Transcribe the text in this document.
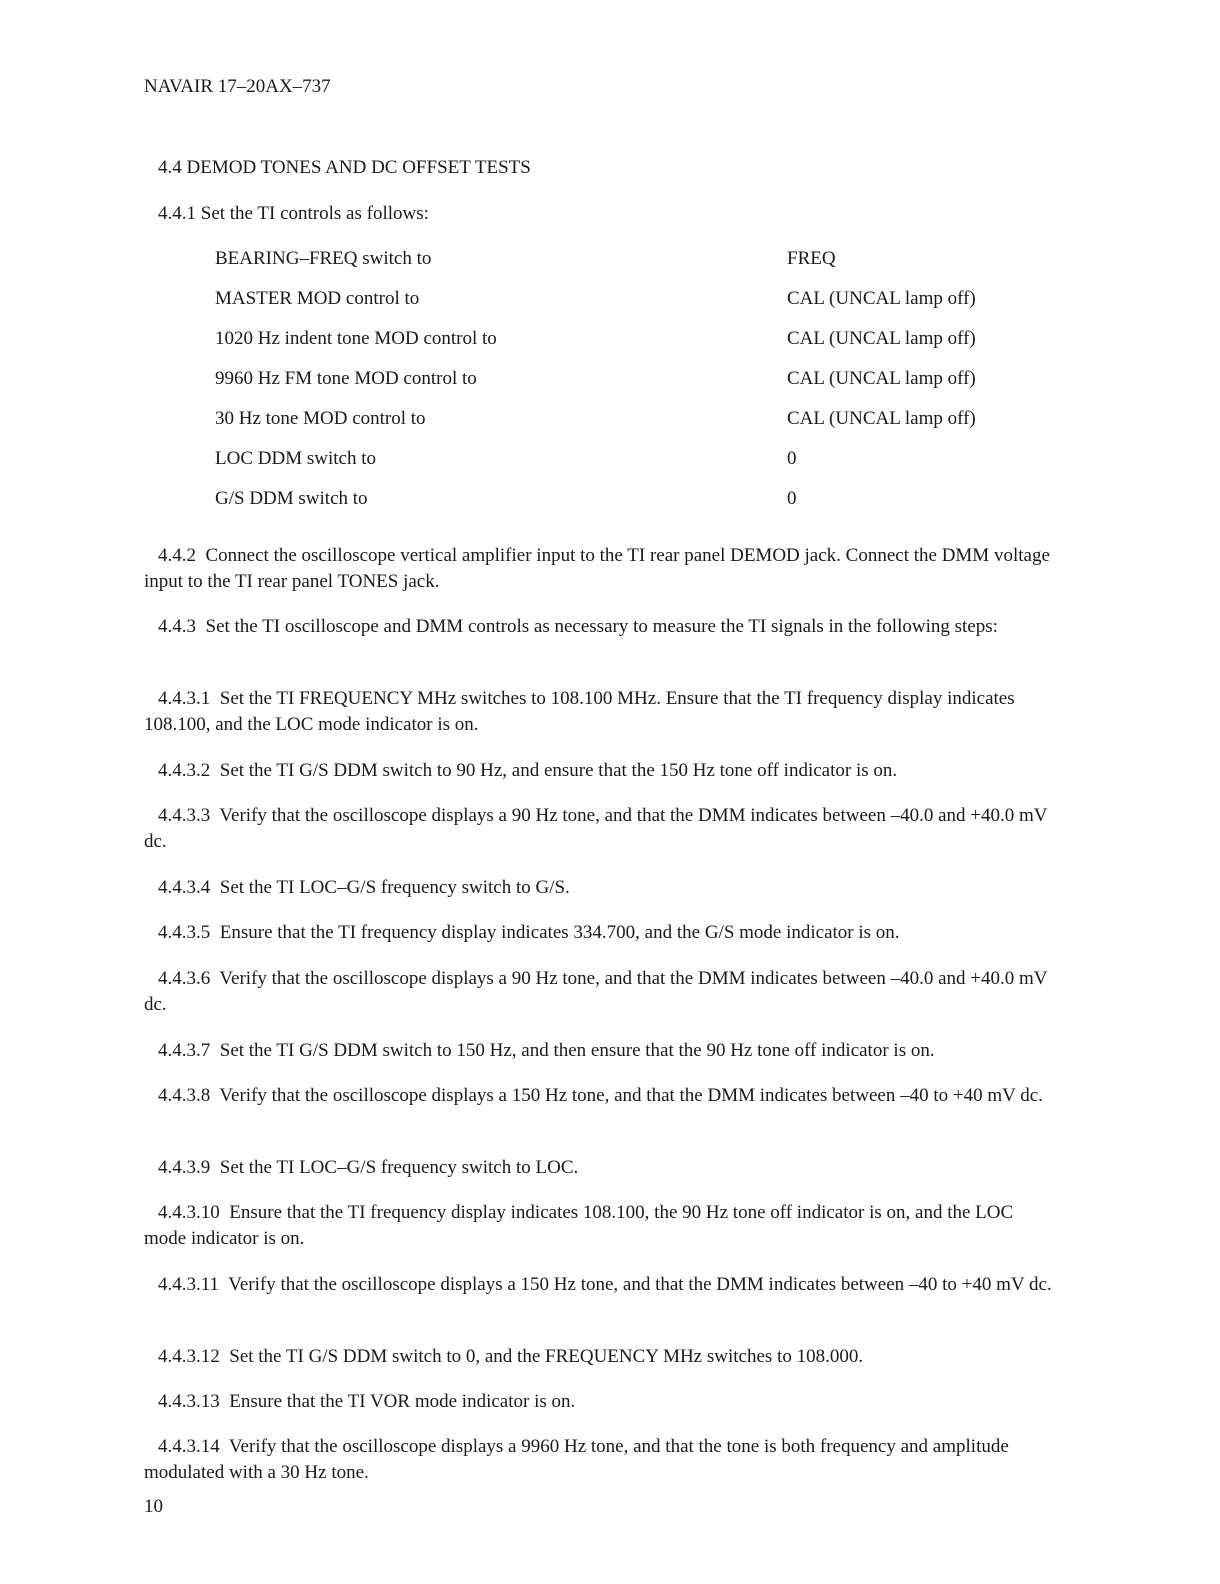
NAVAIR 17–20AX–737
4.4 DEMOD TONES AND DC OFFSET TESTS
4.4.1 Set the TI controls as follows:
BEARING–FREQ switch to	FREQ
MASTER MOD control to	CAL (UNCAL lamp off)
1020 Hz indent tone MOD control to	CAL (UNCAL lamp off)
9960 Hz FM tone MOD control to	CAL (UNCAL lamp off)
30 Hz tone MOD control to	CAL (UNCAL lamp off)
LOC DDM switch to	0
G/S DDM switch to	0
4.4.2 Connect the oscilloscope vertical amplifier input to the TI rear panel DEMOD jack. Connect the DMM voltage input to the TI rear panel TONES jack.
4.4.3 Set the TI oscilloscope and DMM controls as necessary to measure the TI signals in the following steps:
4.4.3.1 Set the TI FREQUENCY MHz switches to 108.100 MHz. Ensure that the TI frequency display indicates 108.100, and the LOC mode indicator is on.
4.4.3.2 Set the TI G/S DDM switch to 90 Hz, and ensure that the 150 Hz tone off indicator is on.
4.4.3.3 Verify that the oscilloscope displays a 90 Hz tone, and that the DMM indicates between –40.0 and +40.0 mV dc.
4.4.3.4 Set the TI LOC–G/S frequency switch to G/S.
4.4.3.5 Ensure that the TI frequency display indicates 334.700, and the G/S mode indicator is on.
4.4.3.6 Verify that the oscilloscope displays a 90 Hz tone, and that the DMM indicates between –40.0 and +40.0 mV dc.
4.4.3.7 Set the TI G/S DDM switch to 150 Hz, and then ensure that the 90 Hz tone off indicator is on.
4.4.3.8 Verify that the oscilloscope displays a 150 Hz tone, and that the DMM indicates between –40 to +40 mV dc.
4.4.3.9 Set the TI LOC–G/S frequency switch to LOC.
4.4.3.10 Ensure that the TI frequency display indicates 108.100, the 90 Hz tone off indicator is on, and the LOC mode indicator is on.
4.4.3.11 Verify that the oscilloscope displays a 150 Hz tone, and that the DMM indicates between –40 to +40 mV dc.
4.4.3.12 Set the TI G/S DDM switch to 0, and the FREQUENCY MHz switches to 108.000.
4.4.3.13 Ensure that the TI VOR mode indicator is on.
4.4.3.14 Verify that the oscilloscope displays a 9960 Hz tone, and that the tone is both frequency and amplitude modulated with a 30 Hz tone.
10
